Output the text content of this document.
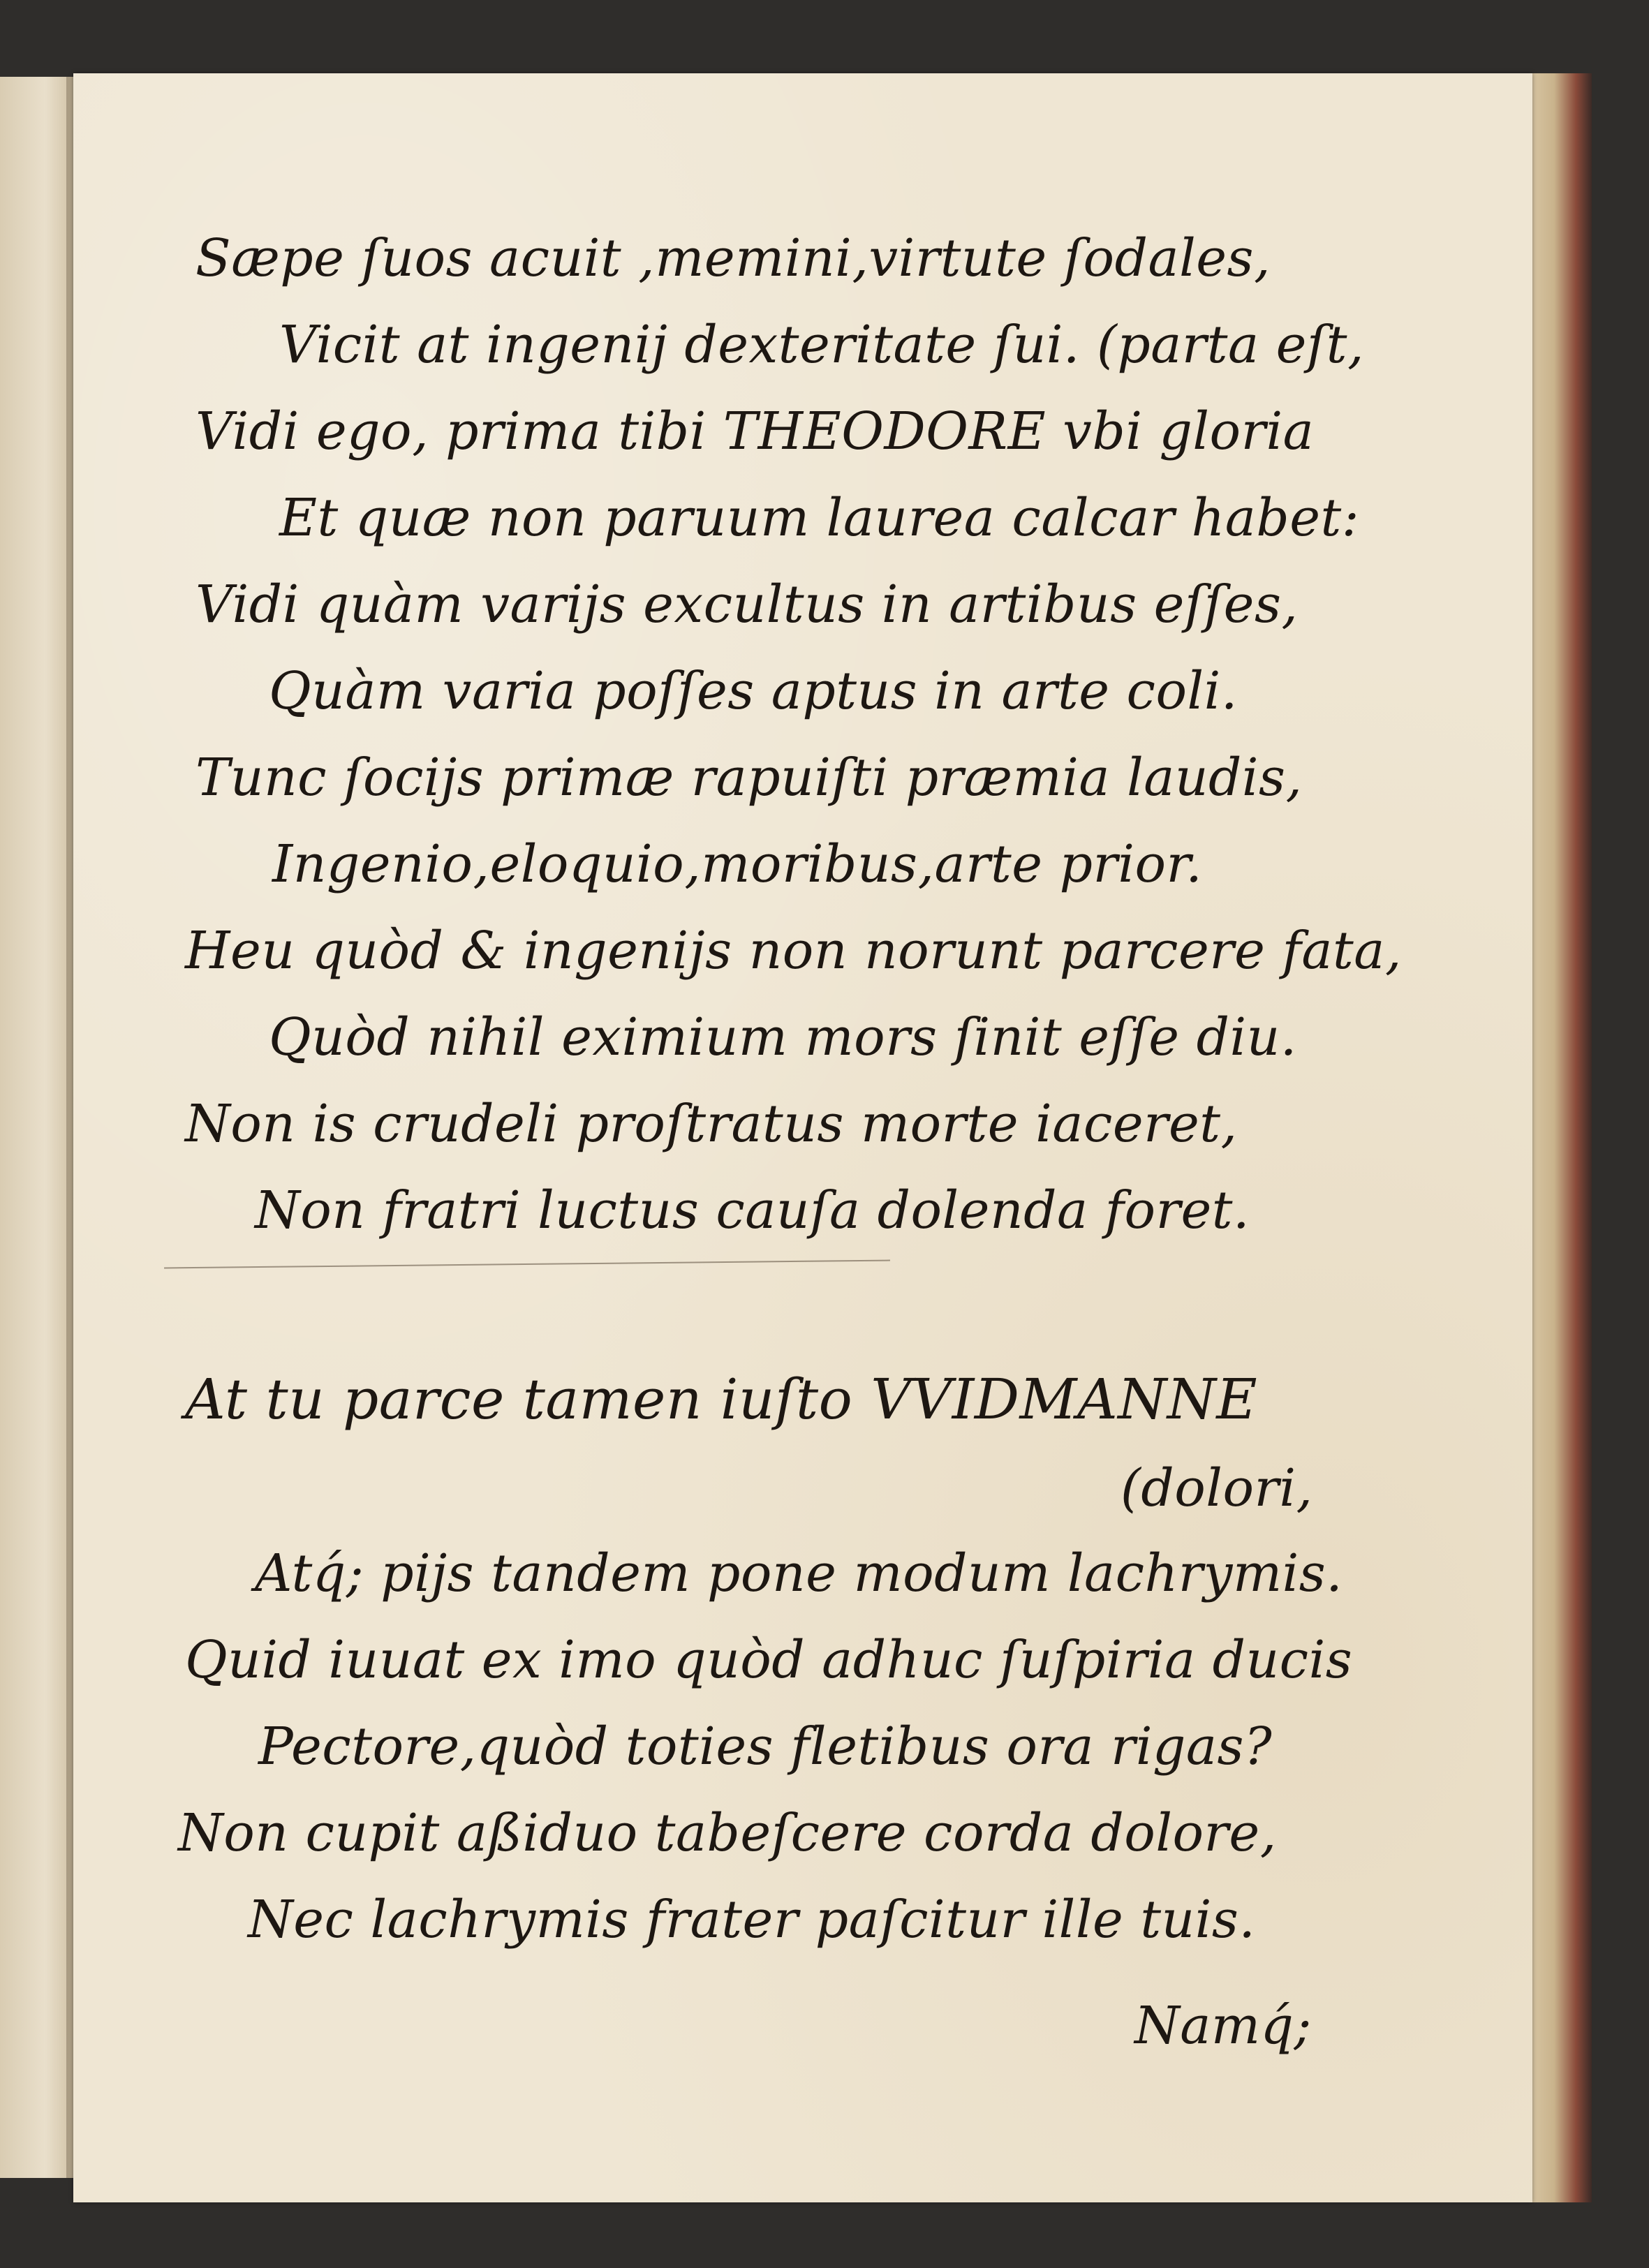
Sæpe ſuos acuit ,memini,virtute ſodales,
Vicit at ingenij dexteritate ſui. (parta eſt,
Vidi ego, prima tibi THEODORE vbi gloria
Et quæ non paruum laurea calcar habet:
Vidi quàm varijs excultus in artibus eſſes,
Quàm varia poſſes aptus in arte coli.
Tunc ſocijs primæ rapuiſti præmia laudis,
Ingenio,eloquio,moribus,arte prior.
Heu quòd & ingenijs non norunt parcere fata,
Quòd nihil eximium mors ſinit eſſe diu.
Non is crudeli proſtratus morte iaceret,
Non fratri luctus cauſa dolenda foret.
At tu parce tamen iuſto VVIDMANNE
(dolori,
Atq́; pijs tandem pone modum lachrymis.
Quid iuuat ex imo quòd adhuc ſuſpiria ducis
Pectore,quòd toties fletibus ora rigas?
Non cupit aßiduo tabeſcere corda dolore,
Nec lachrymis frater paſcitur ille tuis.
Namq́;
